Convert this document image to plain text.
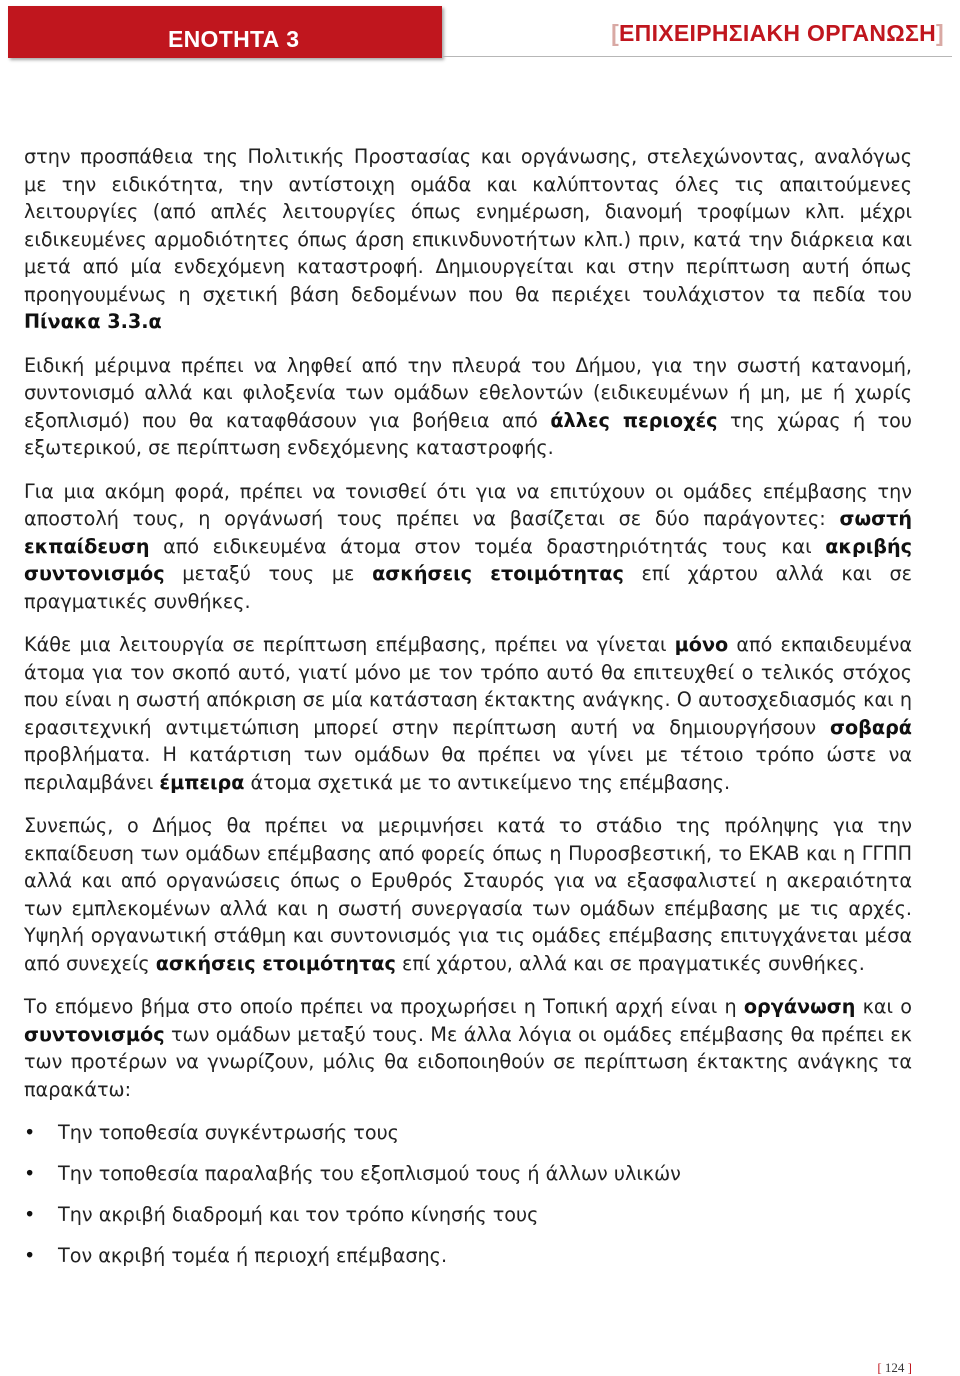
ΕΝΟΤΗΤΑ 3	[ΕΠΙΧΕΙΡΗΣΙΑΚΗ ΟΡΓΑΝΩΣΗ]

στην προσπάθεια της Πολιτικής Προστασίας και οργάνωσης, στελεχώνοντας, αναλόγως με την ειδικότητα, την αντίστοιχη ομάδα και καλύπτοντας όλες τις απαιτούμενες λειτουργίες (από απλές λειτουργίες όπως ενημέρωση, διανομή τροφίμων κλπ. μέχρι ειδικευμένες αρμοδιότητες όπως άρση επικινδυνοτήτων κλπ.) πριν, κατά την διάρκεια και μετά από μία ενδεχόμενη καταστροφή. Δημιουργείται και στην περίπτωση αυτή όπως προηγουμένως η σχετική βάση δεδομένων που θα περιέχει τουλάχιστον τα πεδία του Πίνακα 3.3.α

Ειδική μέριμνα πρέπει να ληφθεί από την πλευρά του Δήμου, για την σωστή κατανομή, συντονισμό αλλά και φιλοξενία των ομάδων εθελοντών (ειδικευμένων ή μη, με ή χωρίς εξοπλισμό) που θα καταφθάσουν για βοήθεια από άλλες περιοχές της χώρας ή του εξωτερικού, σε περίπτωση ενδεχόμενης καταστροφής.

Για μια ακόμη φορά, πρέπει να τονισθεί ότι για να επιτύχουν οι ομάδες επέμβασης την αποστολή τους, η οργάνωσή τους πρέπει να βασίζεται σε δύο παράγοντες: σωστή εκπαίδευση από ειδικευμένα άτομα στον τομέα δραστηριότητάς τους και ακριβής συντονισμός μεταξύ τους με ασκήσεις ετοιμότητας επί χάρτου αλλά και σε πραγματικές συνθήκες.

Κάθε μια λειτουργία σε περίπτωση επέμβασης, πρέπει να γίνεται μόνο από εκπαιδευμένα άτομα για τον σκοπό αυτό, γιατί μόνο με τον τρόπο αυτό θα επιτευχθεί ο τελικός στόχος που είναι η σωστή απόκριση σε μία κατάσταση έκτακτης ανάγκης. Ο αυτοσχεδιασμός και η ερασιτεχνική αντιμετώπιση μπορεί στην περίπτωση αυτή να δημιουργήσουν σοβαρά προβλήματα. Η κατάρτιση των ομάδων θα πρέπει να γίνει με τέτοιο τρόπο ώστε να περιλαμβάνει έμπειρα άτομα σχετικά με το αντικείμενο της επέμβασης.

Συνεπώς, ο Δήμος θα πρέπει να μεριμνήσει κατά το στάδιο της πρόληψης για την εκπαίδευση των ομάδων επέμβασης από φορείς όπως η Πυροσβεστική, το ΕΚΑΒ και η ΓΓΠΠ αλλά και από οργανώσεις όπως ο Ερυθρός Σταυρός για να εξασφαλιστεί η ακεραιότητα των εμπλεκομένων αλλά και η σωστή συνεργασία των ομάδων επέμβασης με τις αρχές. Υψηλή οργανωτική στάθμη και συντονισμός για τις ομάδες επέμβασης επιτυγχάνεται μέσα από συνεχείς ασκήσεις ετοιμότητας επί χάρτου, αλλά και σε πραγματικές συνθήκες.

Το επόμενο βήμα στο οποίο πρέπει να προχωρήσει η Τοπική αρχή είναι η οργάνωση και ο συντονισμός των ομάδων μεταξύ τους. Με άλλα λόγια οι ομάδες επέμβασης θα πρέπει εκ των προτέρων να γνωρίζουν, μόλις θα ειδοποιηθούν σε περίπτωση έκτακτης ανάγκης τα παρακάτω:

• Την τοποθεσία συγκέντρωσής τους
• Την τοποθεσία παραλαβής του εξοπλισμού τους ή άλλων υλικών
• Την ακριβή διαδρομή και τον τρόπο κίνησής τους
• Τον ακριβή τομέα ή περιοχή επέμβασης.
[ 124 ]
